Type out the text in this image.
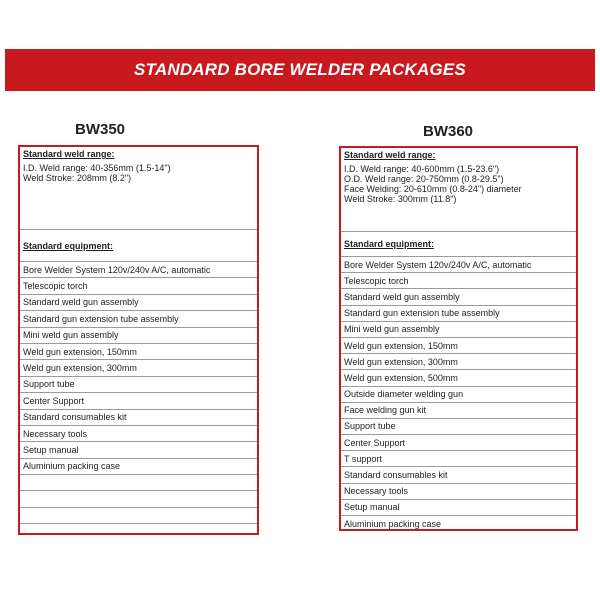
STANDARD BORE WELDER PACKAGES
BW350
Standard weld range:
I.D. Weld range: 40-356mm (1.5-14")
Weld Stroke: 208mm (8.2")
Standard equipment:
Bore Welder System 120v/240v A/C, automatic
Telescopic torch
Standard weld gun assembly
Standard gun extension tube assembly
Mini weld gun assembly
Weld gun extension, 150mm
Weld gun extension, 300mm
Support tube
Center Support
Standard consumables kit
Necessary tools
Setup manual
Aluminium packing case
BW360
Standard weld range:
I.D. Weld range: 40-600mm (1.5-23.6")
O.D. Weld range: 20-750mm (0.8-29.5")
Face Welding: 20-610mm (0.8-24") diameter
Weld Stroke: 300mm (11.8")
Standard equipment:
Bore Welder System 120v/240v A/C, automatic
Telescopic torch
Standard weld gun assembly
Standard gun extension tube assembly
Mini weld gun assembly
Weld gun extension, 150mm
Weld gun extension, 300mm
Weld gun extension, 500mm
Outside diameter welding gun
Face welding gun kit
Support tube
Center Support
T support
Standard consumables kit
Necessary tools
Setup manual
Aluminium packing case
